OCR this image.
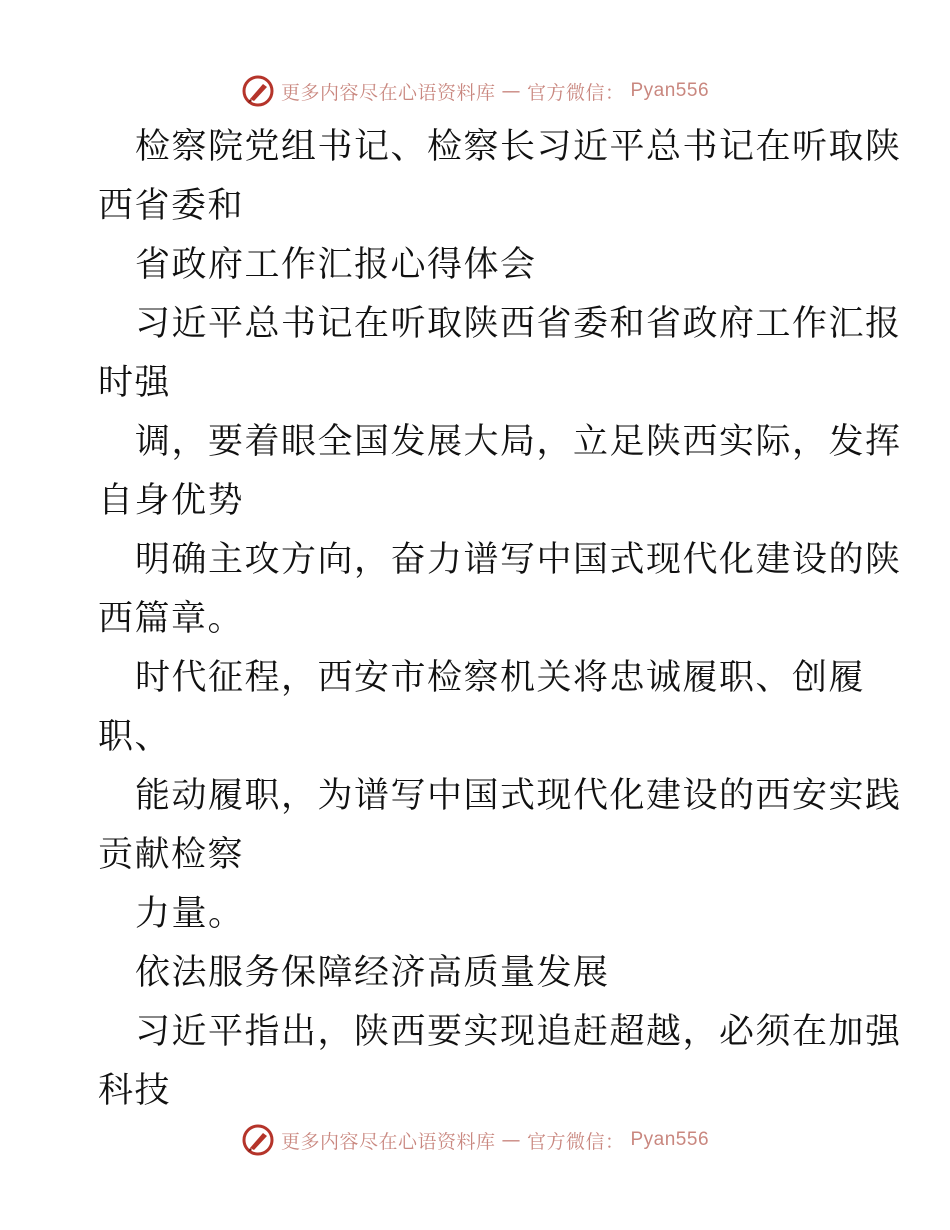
更多内容尽在心语资料库 — 官方微信： Pyan556
检察院党组书记、检察长习近平总书记在听取陕
西省委和
省政府工作汇报心得体会
习近平总书记在听取陕西省委和省政府工作汇报
时强
调，要着眼全国发展大局，立足陕西实际，发挥
自身优势
明确主攻方向，奋力谱写中国式现代化建设的陕
西篇章。
时代征程，西安市检察机关将忠诚履职、创履
职、
能动履职，为谱写中国式现代化建设的西安实践
贡献检察
力量。
依法服务保障经济高质量发展
习近平指出，陕西要实现追赶超越，必须在加强
科技
更多内容尽在心语资料库 — 官方微信： Pyan556
